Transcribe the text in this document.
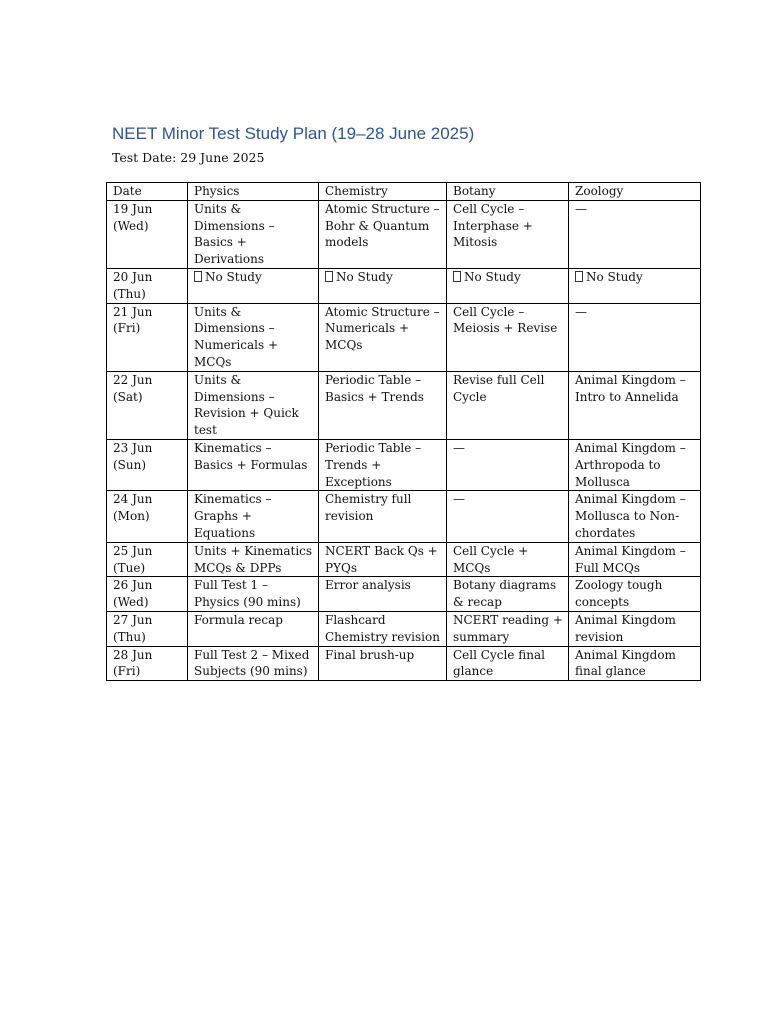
NEET Minor Test Study Plan (19–28 June 2025)

Test Date: 29 June 2025

Date	Physics	Chemistry	Botany	Zoology
19 Jun (Wed)	Units & Dimensions – Basics + Derivations	Atomic Structure – Bohr & Quantum models	Cell Cycle – Interphase + Mitosis	—
20 Jun (Thu)	No Study	No Study	No Study	No Study
21 Jun (Fri)	Units & Dimensions – Numericals + MCQs	Atomic Structure – Numericals + MCQs	Cell Cycle – Meiosis + Revise	—
22 Jun (Sat)	Units & Dimensions – Revision + Quick test	Periodic Table – Basics + Trends	Revise full Cell Cycle	Animal Kingdom – Intro to Annelida
23 Jun (Sun)	Kinematics – Basics + Formulas	Periodic Table – Trends + Exceptions	—	Animal Kingdom – Arthropoda to Mollusca
24 Jun (Mon)	Kinematics – Graphs + Equations	Chemistry full revision	—	Animal Kingdom – Mollusca to Non-chordates
25 Jun (Tue)	Units + Kinematics MCQs & DPPs	NCERT Back Qs + PYQs	Cell Cycle + MCQs	Animal Kingdom – Full MCQs
26 Jun (Wed)	Full Test 1 – Physics (90 mins)	Error analysis	Botany diagrams & recap	Zoology tough concepts
27 Jun (Thu)	Formula recap	Flashcard Chemistry revision	NCERT reading + summary	Animal Kingdom revision
28 Jun (Fri)	Full Test 2 – Mixed Subjects (90 mins)	Final brush-up	Cell Cycle final glance	Animal Kingdom final glance
